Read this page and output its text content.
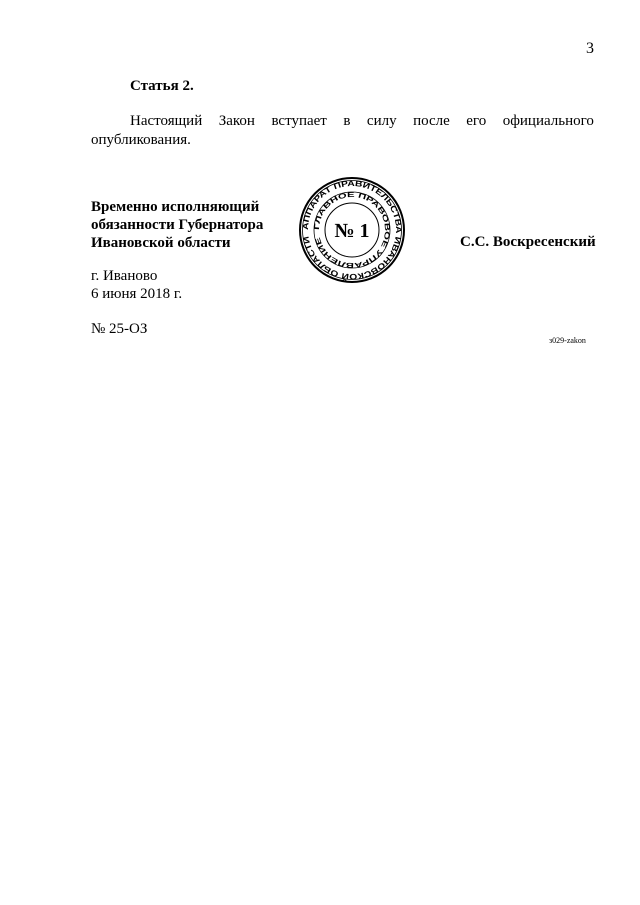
3
Статья 2.
Настоящий Закон вступает в силу после его официального
опубликования.
Временно исполняющий
обязанности Губернатора
Ивановской области
АППАРАТ ПРАВИТЕЛЬСТВА ИВАНОВСКОЙ ОБЛАСТИ
ГЛАВНОЕ ПРАВОВОЕ УПРАВЛЕНИЕ
№ 1	С.С. Воскресенский
г. Иваново
6 июня 2018 г.
№ 25-ОЗ
з029-zakon
